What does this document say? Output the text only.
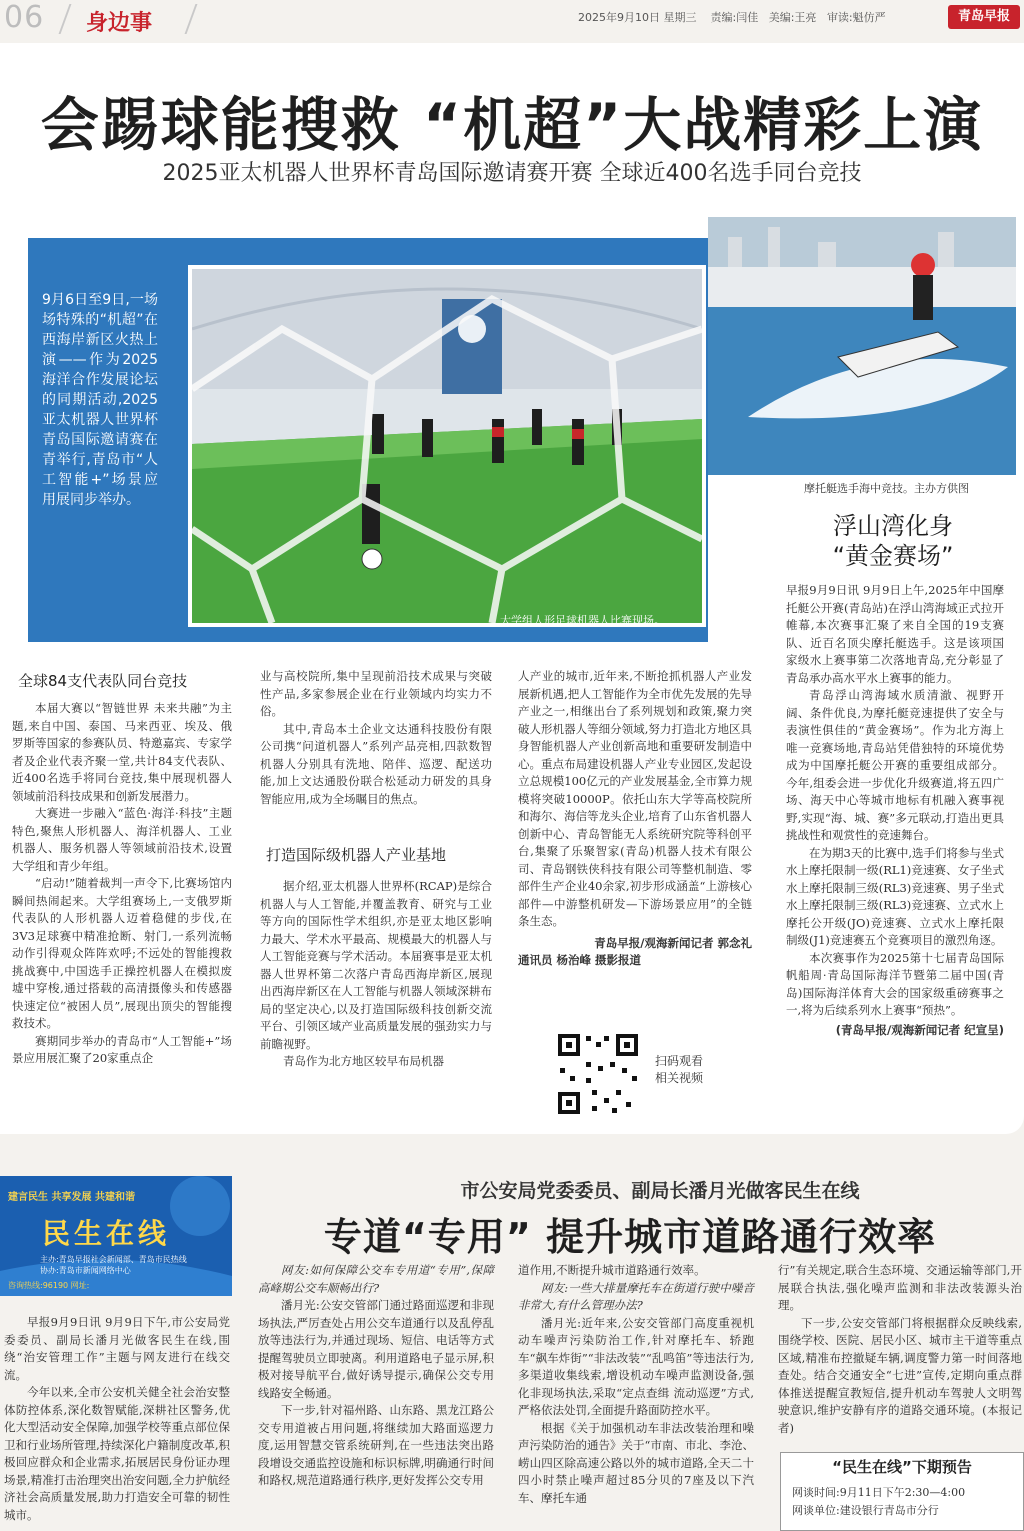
06 身边事	2025年9月10日 星期三 责编:闫佳 美编:王亮 审读:魁仿严	青岛早报
会踢球能搜救 “机超”大战精彩上演
2025亚太机器人世界杯青岛国际邀请赛开赛 全球近400名选手同台竞技
9月6日至9日,一场场特殊的“机超”在西海岸新区火热上演——作为2025海洋合作发展论坛的同期活动,2025亚太机器人世界杯青岛国际邀请赛在青举行,青岛市“人工智能+”场景应用展同步举办。
大学组人形足球机器人比赛现场。
摩托艇选手海中竞技。主办方供图
浮山湾化身
“黄金赛场”

早报9月9日讯 9月9日上午,2025年中国摩托艇公开赛(青岛站)在浮山湾海域正式拉开帷幕,本次赛事汇聚了来自全国的19支赛队、近百名顶尖摩托艇选手。这是该项国家级水上赛事第二次落地青岛,充分彰显了青岛承办高水平水上赛事的能力。

青岛浮山湾海域水质清澈、视野开阔、条件优良,为摩托艇竞速提供了安全与表演性俱佳的“黄金赛场”。作为北方海上唯一竞赛场地,青岛站凭借独特的环境优势成为中国摩托艇公开赛的重要组成部分。今年,组委会进一步优化升级赛道,将五四广场、海天中心等城市地标有机融入赛事视野,实现“海、城、赛”多元联动,打造出更具挑战性和观赏性的竞速舞台。

在为期3天的比赛中,选手们将参与坐式水上摩托限制一级(RL1)竞速赛、女子坐式水上摩托限制三级(RL3)竞速赛、男子坐式水上摩托限制三级(RL3)竞速赛、立式水上摩托公开级(JO)竞速赛、立式水上摩托限制级(J1)竞速赛五个竞赛项目的激烈角逐。

本次赛事作为2025第十七届青岛国际帆船周·青岛国际海洋节暨第二届中国(青岛)国际海洋体育大会的国家级重磅赛事之一,将为后续系列水上赛事“预热”。

(青岛早报/观海新闻记者 纪宣呈)
全球84支代表队同台竞技

本届大赛以“智链世界 未来共融”为主题,来自中国、泰国、马来西亚、埃及、俄罗斯等国家的参赛队员、特邀嘉宾、专家学者及企业代表齐聚一堂,共计84支代表队、近400名选手将同台竞技,集中展现机器人领域前沿科技成果和创新发展潜力。

大赛进一步融入“蓝色·海洋·科技”主题特色,聚焦人形机器人、海洋机器人、工业机器人、服务机器人等领域前沿技术,设置大学组和青少年组。

“启动!”随着裁判一声令下,比赛场馆内瞬间热闹起来。大学组赛场上,一支俄罗斯代表队的人形机器人迈着稳健的步伐,在3V3足球赛中精准抢断、射门,一系列流畅动作引得观众阵阵欢呼;不远处的智能搜救挑战赛中,中国选手正操控机器人在模拟废墟中穿梭,通过搭载的高清摄像头和传感器快速定位“被困人员”,展现出顶尖的智能搜救技术。

赛期同步举办的青岛市“人工智能+”场景应用展汇聚了20家重点企

业与高校院所,集中呈现前沿技术成果与突破性产品,多家参展企业在行业领域内均实力不俗。

其中,青岛本土企业文达通科技股份有限公司携“问道机器人”系列产品亮相,四款数智机器人分别具有洗地、陪伴、巡逻、配送功能,加上文达通股份联合松延动力研发的具身智能应用,成为全场瞩目的焦点。

打造国际级机器人产业基地

据介绍,亚太机器人世界杯(RCAP)是综合机器人与人工智能,并覆盖教育、研究与工业等方向的国际性学术组织,亦是亚太地区影响力最大、学术水平最高、规模最大的机器人与人工智能竞赛与学术活动。本届赛事是亚太机器人世界杯第二次落户青岛西海岸新区,展现出西海岸新区在人工智能与机器人领域深耕布局的坚定决心,以及打造国际级科技创新交流平台、引领区域产业高质量发展的强劲实力与前瞻视野。

青岛作为北方地区较早布局机器

人产业的城市,近年来,不断抢抓机器人产业发展新机遇,把人工智能作为全市优先发展的先导产业之一,相继出台了系列规划和政策,聚力突破人形机器人等细分领域,努力打造北方地区具身智能机器人产业创新高地和重要研发制造中心。重点布局建设机器人产业专业园区,发起设立总规模100亿元的产业发展基金,全市算力规模将突破10000P。依托山东大学等高校院所和海尔、海信等龙头企业,培育了山东省机器人创新中心、青岛智能无人系统研究院等科创平台,集聚了乐聚智家(青岛)机器人技术有限公司、青岛钢铁侠科技有限公司等整机制造、零部件生产企业40余家,初步形成涵盖“上游核心部件—中游整机研发—下游场景应用”的全链条生态。

青岛早报/观海新闻记者 郭念礼
通讯员 杨治峰 摄影报道
扫码观看
相关视频
建言民生 共享发展 共建和谐
民生在线
主办:青岛早报社会新闻部、青岛市民热线
协办:青岛市新闻网络中心
咨询热线:96190 网址:
市公安局党委委员、副局长潘月光做客民生在线
专道“专用” 提升城市道路通行效率

早报9月9日讯 9月9日下午,市公安局党委委员、副局长潘月光做客民生在线,围绕“治安管理工作”主题与网友进行在线交流。

今年以来,全市公安机关健全社会治安整体防控体系,深化数智赋能,深耕社区警务,优化大型活动安全保障,加强学校等重点部位保卫和行业场所管理,持续深化户籍制度改革,积极回应群众和企业需求,拓展居民身份证办理场景,精准打击治理突出治安问题,全力护航经济社会高质量发展,助力打造安全可靠的韧性城市。

网友:如何保障公交车专用道“专用”,保障高峰期公交车顺畅出行?

潘月光:公安交管部门通过路面巡逻和非现场执法,严厉查处占用公交车道通行以及乱停乱放等违法行为,并通过现场、短信、电话等方式提醒驾驶员立即驶离。利用道路电子显示屏,积极对接导航平台,做好诱导提示,确保公交专用线路安全畅通。

下一步,针对福州路、山东路、黑龙江路公交专用道被占用问题,将继续加大路面巡逻力度,运用智慧交管系统研判,在一些违法突出路段增设交通监控设施和标识标牌,明确通行时间和路权,规范道路通行秩序,更好发挥公交专用

道作用,不断提升城市道路通行效率。

网友:一些大排量摩托车在街道行驶中噪音非常大,有什么管理办法?

潘月光:近年来,公安交管部门高度重视机动车噪声污染防治工作,针对摩托车、轿跑车“飙车炸街”“非法改装”“乱鸣笛”等违法行为,多渠道收集线索,增设机动车噪声监测设备,强化非现场执法,采取“定点查缉 流动巡逻”方式,严格依法处罚,全面提升路面防控水平。

根据《关于加强机动车非法改装治理和噪声污染防治的通告》关于“市南、市北、李沧、崂山四区除高速公路以外的城市道路,全天二十四小时禁止噪声超过85分贝的7座及以下汽车、摩托车通

行”有关规定,联合生态环境、交通运输等部门,开展联合执法,强化噪声监测和非法改装源头治理。

下一步,公安交管部门将根据群众反映线索,围绕学校、医院、居民小区、城市主干道等重点区域,精准布控撤疑车辆,调度警力第一时间落地查处。结合交通安全“七进”宣传,定期向重点群体推送提醒宣教短信,提升机动车驾驶人文明驾驶意识,维护安静有序的道路交通环境。(本报记者)

“民生在线”下期预告
网谈时间:9月11日下午2:30—4:00
网谈单位:建设银行青岛市分行
